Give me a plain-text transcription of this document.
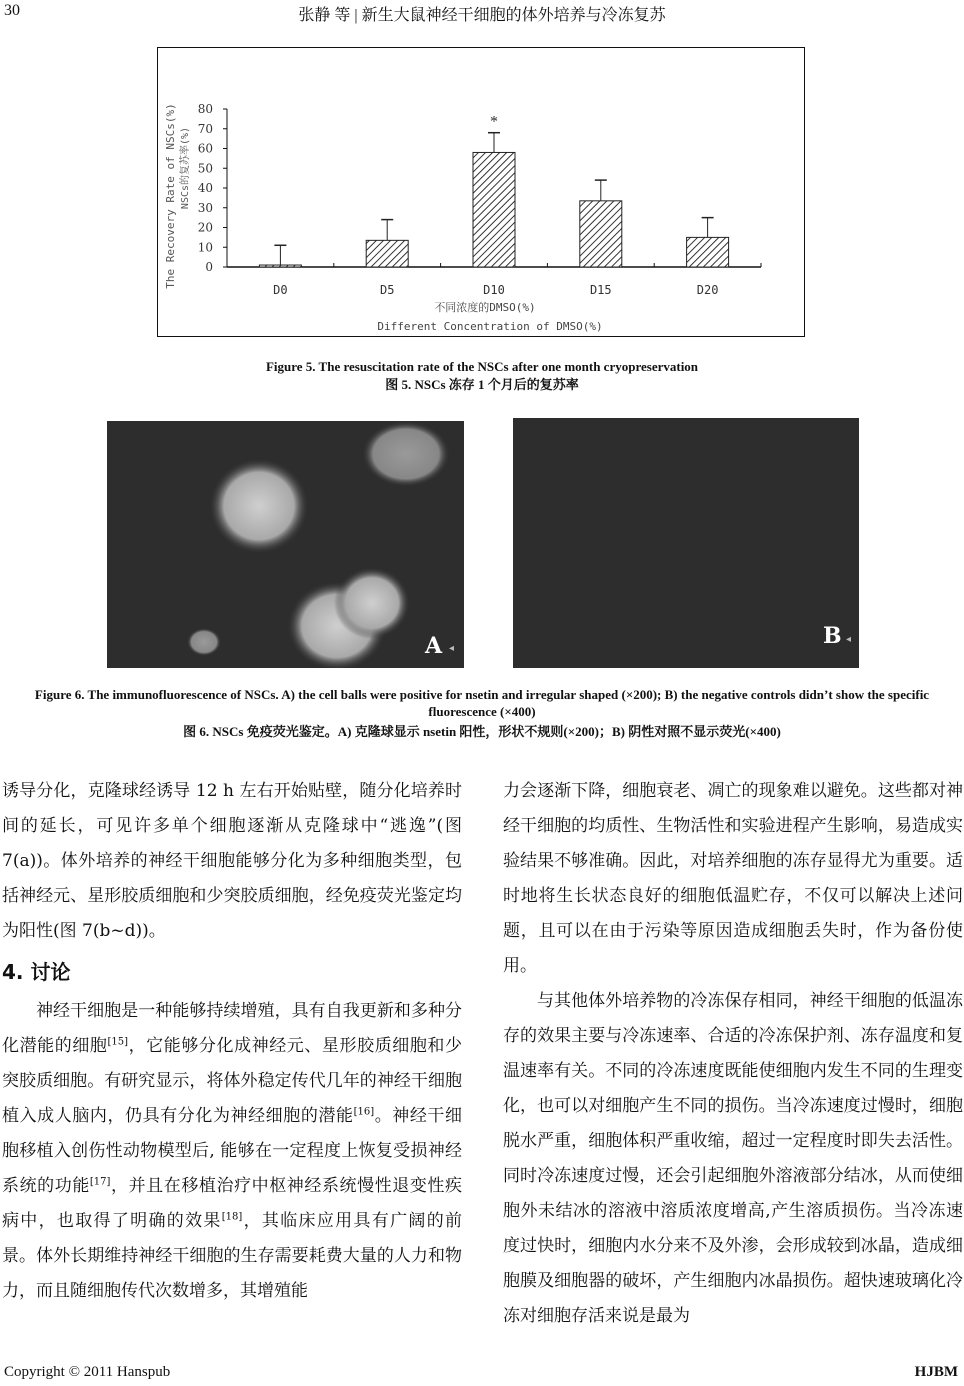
30	张静 等 | 新生大鼠神经干细胞的体外培养与冷冻复苏
0
10
20
30
40
50
60
70
80
D0	D5	D10	D15	D20
*
The Recovery Rate of NSCs(%) NSCs的复苏率(%)
不同浓度的DMSO(%)
Different Concentration of DMSO(%)
Figure 5. The resuscitation rate of the NSCs after one month cryopreservation
图 5. NSCs 冻存 1 个月后的复苏率
A ◂	B ◂
Figure 6. The immunofluorescence of NSCs. A) the cell balls were positive for nsetin and irregular shaped (×200); B) the negative controls didn’t show the specific fluorescence (×400)
图 6. NSCs 免疫荧光鉴定。A) 克隆球显示 nsetin 阳性，形状不规则(×200)；B) 阴性对照不显示荧光(×400)

诱导分化，克隆球经诱导 12 h 左右开始贴壁，随分化培养时间的延长，可见许多单个细胞逐渐从克隆球中“逃逸”(图 7(a))。体外培养的神经干细胞能够分化为多种细胞类型，包括神经元、星形胶质细胞和少突胶质细胞，经免疫荧光鉴定均为阳性(图 7(b~d))。

4. 讨论

神经干细胞是一种能够持续增殖，具有自我更新和多种分化潜能的细胞[15]，它能够分化成神经元、星形胶质细胞和少突胶质细胞。有研究显示，将体外稳定传代几年的神经干细胞植入成人脑内，仍具有分化为神经细胞的潜能[16]。神经干细胞移植入创伤性动物模型后, 能够在一定程度上恢复受损神经系统的功能[17]，并且在移植治疗中枢神经系统慢性退变性疾病中，也取得了明确的效果[18]，其临床应用具有广阔的前景。体外长期维持神经干细胞的生存需要耗费大量的人力和物力，而且随细胞传代次数增多，其增殖能

力会逐渐下降，细胞衰老、凋亡的现象难以避免。这些都对神经干细胞的均质性、生物活性和实验进程产生影响，易造成实验结果不够准确。因此，对培养细胞的冻存显得尤为重要。适时地将生长状态良好的细胞低温贮存，不仅可以解决上述问题，且可以在由于污染等原因造成细胞丢失时，作为备份使用。

与其他体外培养物的冷冻保存相同，神经干细胞的低温冻存的效果主要与冷冻速率、合适的冷冻保护剂、冻存温度和复温速率有关。不同的冷冻速度既能使细胞内发生不同的生理变化，也可以对细胞产生不同的损伤。当冷冻速度过慢时，细胞脱水严重，细胞体积严重收缩，超过一定程度时即失去活性。同时冷冻速度过慢，还会引起细胞外溶液部分结冰，从而使细胞外未结冰的溶液中溶质浓度增高,产生溶质损伤。当冷冻速度过快时，细胞内水分来不及外渗，会形成较到冰晶，造成细胞膜及细胞器的破坏，产生细胞内冰晶损伤。超快速玻璃化冷冻对细胞存活来说是最为

Copyright © 2011 Hanspub	HJBM
